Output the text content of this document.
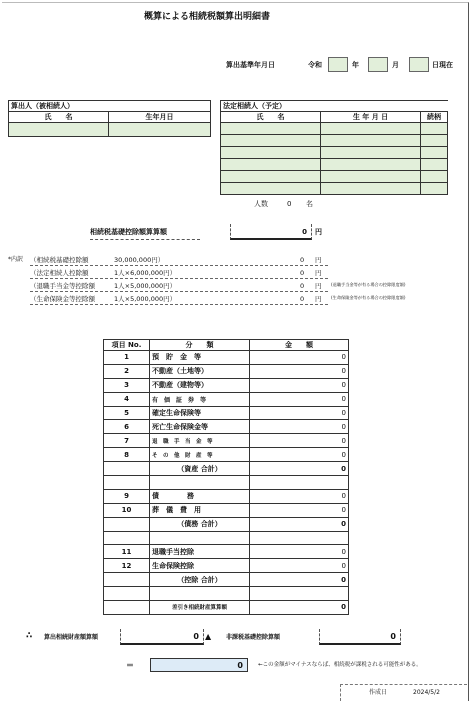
概算による相続税額算出明細書
算出基準年月日	令和	年	月	日現在
算出人（被相続人）	
氏　　名	生年月日

法定相続人（予定）		
氏　　名	生 年 月 日	続柄

人数	0 名
相続税基礎控除額算算額	0 円
*内訳 （相続税基礎控除額	30,000,000円）	0 円
（法定相続人控除額	1人×6,000,000円）	0 円
（退職手当金等控除額	1人×5,000,000円）	0 円 (退職手当金等が有る場合の控除限度額)
（生命保険金等控除額	1人×5,000,000円）	0 円 (生命保険金等が有る場合の控除限度額)
項目 No.	分　　類	金　　額
1	預　貯　金　等	0
2	不動産（土地等）	0
3	不動産（建物等）	0
4	有　価　証　券　等	0
5	確定生命保険等	0
6	死亡生命保険金等	0
7	退　職　手　当　金　等	0
8	そ　の　他　財　産　等	0
	（資産 合計）	0

9	債　　　　務	0
10	葬　儀　費　用	0
	（債務 合計）	0

11	退職手当控除	0
12	生命保険控除	0
	（控除 合計）	0

	差引き相続財産算算額	0
∴ 算出相続財産額算額	0 ▲ 非課税基礎控除算額	0
＝	0	←この金額がマイナスならば、相続税が課税される可能性がある。
作成日	2024/5/2
